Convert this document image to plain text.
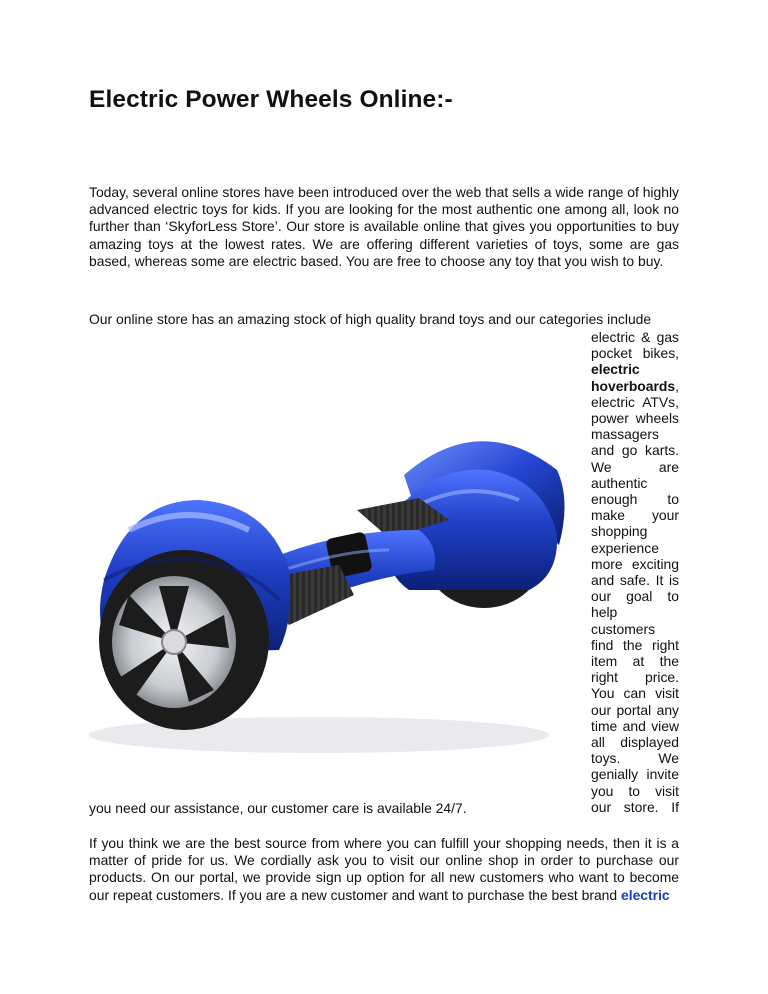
Electric Power Wheels Online:-

Today, several online stores have been introduced over the web that sells a wide range of highly advanced electric toys for kids. If you are looking for the most authentic one among all, look no further than ‘SkyforLess Store’. Our store is available online that gives you opportunities to buy amazing toys at the lowest rates. We are offering different varieties of toys, some are gas based, whereas some are electric based. You are free to choose any toy that you wish to buy.

Our online store has an amazing stock of high quality brand toys and our categories include

electric & gas pocket bikes, electric hoverboards, electric ATVs, power wheels massagers and go karts. We are authentic enough to make your shopping experience more exciting and safe. It is our goal to help customers find the right item at the right price. You can visit our portal any time and view all displayed toys. We genially invite you to visit our store. If

you need our assistance, our customer care is available 24/7.

If you think we are the best source from where you can fulfill your shopping needs, then it is a matter of pride for us. We cordially ask you to visit our online shop in order to purchase our products. On our portal, we provide sign up option for all new customers who want to become our repeat customers. If you are a new customer and want to purchase the best brand electric
